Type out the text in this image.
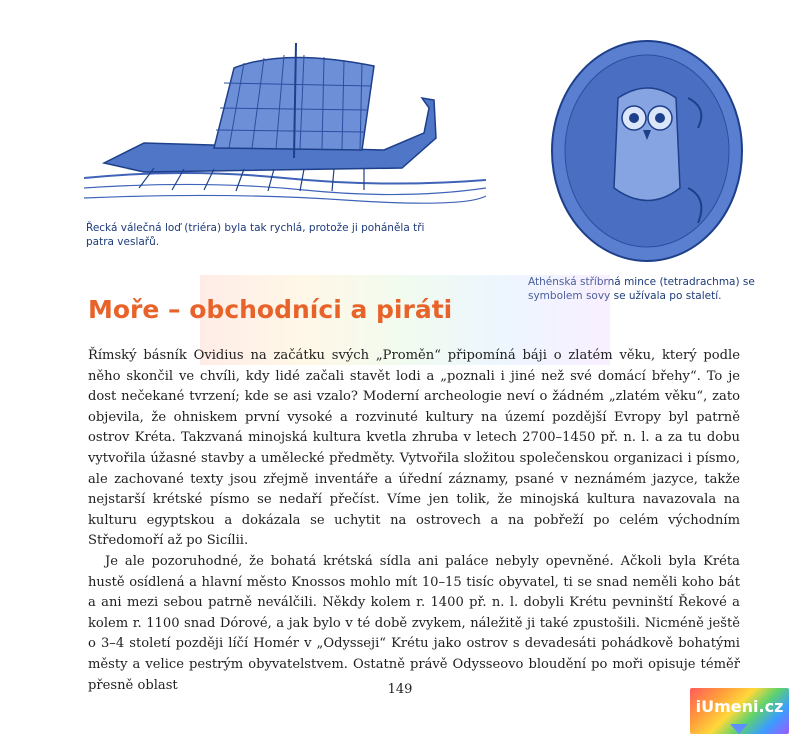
Řecká válečná loď (triéra) byla tak rychlá, protože ji poháněla tři patra veslařů.
Athénská stříbrná mince (tetradrachma) se symbolem sovy se užívala po staletí.
Moře – obchodníci a piráti

Římský básník Ovidius na začátku svých „Proměn“ připomíná báji o zlatém věku, který podle něho skončil ve chvíli, kdy lidé začali stavět lodi a „poznali i jiné než své domácí břehy“. To je dost nečekané tvrzení; kde se asi vzalo? Moderní archeologie neví o žádném „zlatém věku“, zato objevila, že ohniskem první vysoké a rozvinuté kultury na území pozdější Evropy byl patrně ostrov Kréta. Takzvaná minojská kultura kvetla zhruba v letech 2700–1450 př. n. l. a za tu dobu vytvořila úžasné stavby a umělecké předměty. Vytvořila složitou společenskou organizaci i písmo, ale zachované texty jsou zřejmě inventáře a úřední záznamy, psané v neznámém jazyce, takže nejstarší krétské písmo se nedaří přečíst. Víme jen tolik, že minojská kultura navazovala na kulturu egyptskou a dokázala se uchytit na ostrovech a na pobřeží po celém východním Středomoří až po Sicílii.

Je ale pozoruhodné, že bohatá krétská sídla ani paláce nebyly opevněné. Ačkoli byla Kréta hustě osídlená a hlavní město Knossos mohlo mít 10–15 tisíc obyvatel, ti se snad neměli koho bát a ani mezi sebou patrně neválčili. Někdy kolem r. 1400 př. n. l. dobyli Krétu pevninští Řekové a kolem r. 1100 snad Dórové, a jak bylo v té době zvykem, náležitě ji také zpustošili. Nicméně ještě o 3–4 století později líčí Homér v „Odysseji“ Krétu jako ostrov s devadesáti pohádkově bohatými městy a velice pestrým obyvatelstvem. Ostatně právě Odysseovo bloudění po moři opisuje téměř přesně oblast	149
iUmeni.cz
